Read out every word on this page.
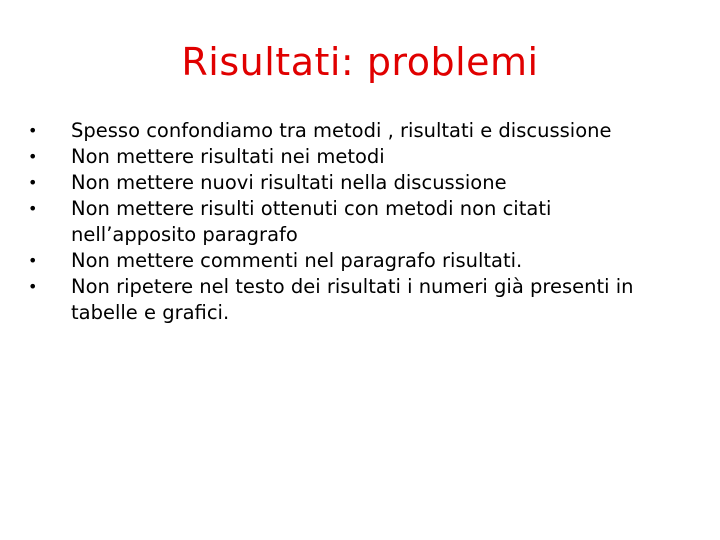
Risultati: problemi
•	Spesso confondiamo tra metodi , risultati e discussione
•	Non mettere risultati nei metodi
•	Non mettere nuovi risultati nella discussione
•	Non mettere risulti ottenuti con metodi non citati nell’apposito paragrafo
•	Non mettere commenti nel paragrafo risultati.
•	Non ripetere nel testo dei risultati i numeri già presenti in tabelle e grafici.
